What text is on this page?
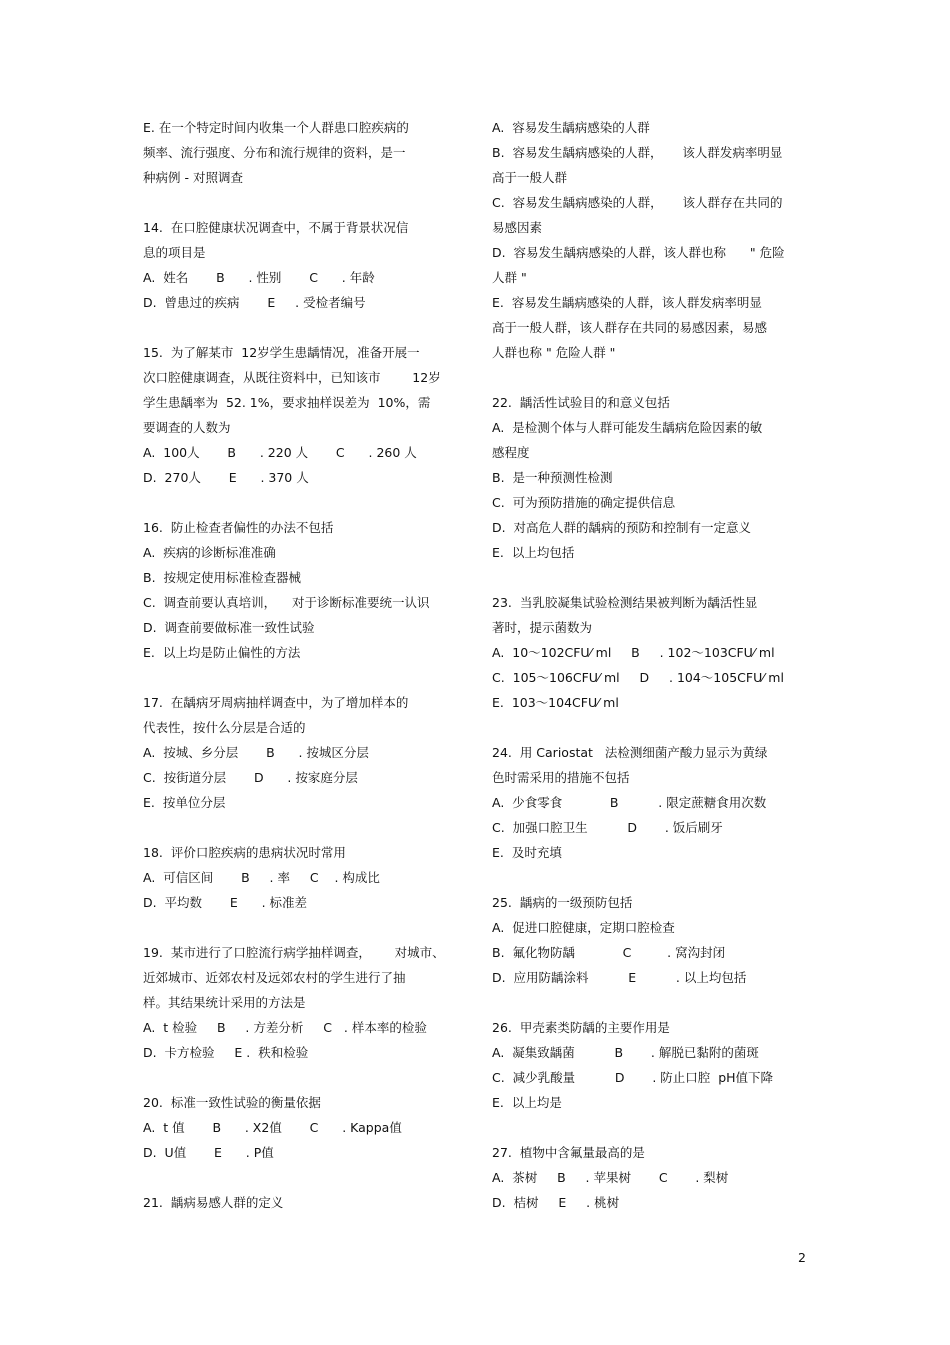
E. 在一个特定时间内收集一个人群患口腔疾病的
频率、流行强度、分布和流行规律的资料，是一
种病例 - 对照调查
14.  在口腔健康状况调查中，不属于背景状况信
息的项目是
A.  姓名       B      . 性别       C      . 年龄
D.  曾患过的疾病       E     . 受检者编号
15.  为了解某市  12岁学生患龋情况，准备开展一
次口腔健康调查，从既往资料中，已知该市        12岁
学生患龋率为  52. 1%，要求抽样误差为  10%，需
要调查的人数为
A.  100人       B      . 220 人       C      . 260 人
D.  270人       E      . 370 人
16.  防止检查者偏性的办法不包括
A.  疾病的诊断标准准确
B.  按规定使用标准检查器械
C.  调查前要认真培训，    对于诊断标准要统一认识
D.  调查前要做标准一致性试验
E.  以上均是防止偏性的方法
17.  在龋病牙周病抽样调查中，为了增加样本的
代表性，按什么分层是合适的
A.  按城、乡分层       B      . 按城区分层
C.  按街道分层       D      . 按家庭分层
E.  按单位分层
18.  评价口腔疾病的患病状况时常用
A.  可信区间       B     . 率     C    . 构成比
D.  平均数       E      . 标准差
19.  某市进行了口腔流行病学抽样调查，      对城市、
近郊城市、近郊农村及远郊农村的学生进行了抽
样。其结果统计采用的方法是
A.  t 检验     B     . 方差分析     C   . 样本率的检验
D.  卡方检验     E .  秩和检验
20.  标准一致性试验的衡量依据
A.  t 值       B      . X2值       C      . Kappa值
D.  U值       E      . P值
21.  龋病易感人群的定义
A.  容易发生龋病感染的人群
B.  容易发生龋病感染的人群，     该人群发病率明显
高于一般人群
C.  容易发生龋病感染的人群，     该人群存在共同的
易感因素
D.  容易发生龋病感染的人群，该人群也称      " 危险
人群 "
E.  容易发生龋病感染的人群，该人群发病率明显
高于一般人群，该人群存在共同的易感因素，易感
人群也称 " 危险人群 "
22.  龋活性试验目的和意义包括
A.  是检测个体与人群可能发生龋病危险因素的敏
感程度
B.  是一种预测性检测
C.  可为预防措施的确定提供信息
D.  对高危人群的龋病的预防和控制有一定意义
E.  以上均包括
23.  当乳胶凝集试验检测结果被判断为龋活性显
著时，提示菌数为
A.  10～102CFU⁄ ml     B     . 102～103CFU⁄ ml
C.  105～106CFU⁄ ml     D     . 104～105CFU⁄ ml
E.  103～104CFU⁄ ml
24.  用 Cariostat   法检测细菌产酸力显示为黄绿
色时需采用的措施不包括
A.  少食零食            B          . 限定蔗糖食用次数
C.  加强口腔卫生          D       . 饭后刷牙
E.  及时充填
25.  龋病的一级预防包括
A.  促进口腔健康，定期口腔检查
B.  氟化物防龋            C         . 窝沟封闭
D.  应用防龋涂料          E          . 以上均包括
26.  甲壳素类防龋的主要作用是
A.  凝集致龋菌          B       . 解脱已黏附的菌斑
C.  减少乳酸量          D       . 防止口腔  pH值下降
E.  以上均是
27.  植物中含氟量最高的是
A.  茶树     B     . 苹果树       C       . 梨树
D.  桔树     E     . 桃树
2
